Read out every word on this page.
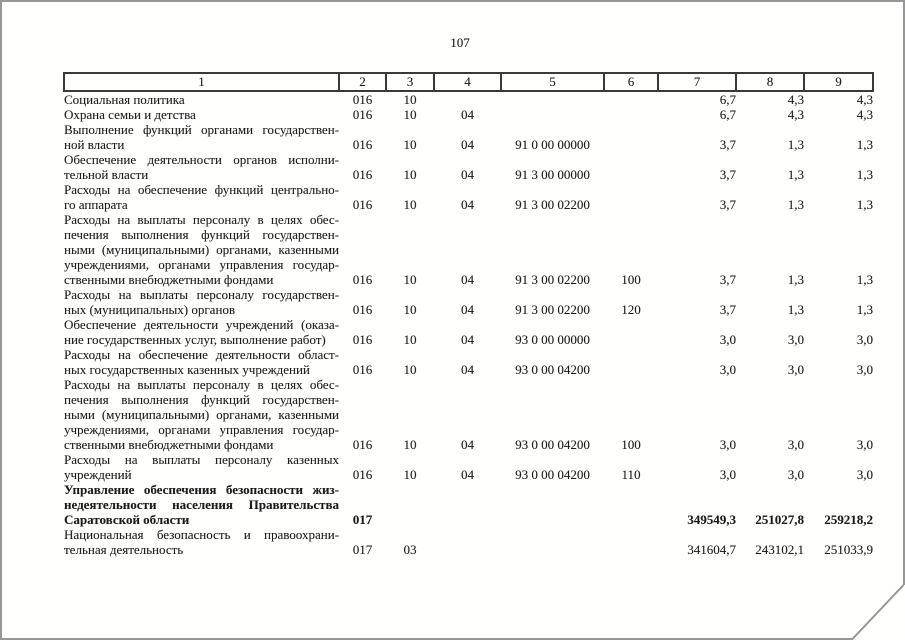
107
1	2	3	4	5	6	7	8	9

Социальная политика	016	10				6,7	4,3	4,3

Охрана семьи и детства	016	10	04			6,7	4,3	4,3

Выполнение функций органами государствен-
ной власти	016	10	04	91 0 00 00000		3,7	1,3	1,3

Обеспечение деятельности органов исполни-
тельной власти	016	10	04	91 3 00 00000		3,7	1,3	1,3

Расходы на обеспечение функций центрально-
го аппарата	016	10	04	91 3 00 02200		3,7	1,3	1,3

Расходы на выплаты персоналу в целях обес-
печения выполнения функций государствен-
ными (муниципальными) органами, казенными
учреждениями, органами управления государ-
ственными внебюджетными фондами	016	10	04	91 3 00 02200	100	3,7	1,3	1,3

Расходы на выплаты персоналу государствен-
ных (муниципальных) органов	016	10	04	91 3 00 02200	120	3,7	1,3	1,3

Обеспечение деятельности учреждений (оказа-
ние государственных услуг, выполнение работ)	016	10	04	93 0 00 00000		3,0	3,0	3,0

Расходы на обеспечение деятельности област-
ных государственных казенных учреждений	016	10	04	93 0 00 04200		3,0	3,0	3,0

Расходы на выплаты персоналу в целях обес-
печения выполнения функций государствен-
ными (муниципальными) органами, казенными
учреждениями, органами управления государ-
ственными внебюджетными фондами	016	10	04	93 0 00 04200	100	3,0	3,0	3,0

Расходы на выплаты персоналу казенных
учреждений	016	10	04	93 0 00 04200	110	3,0	3,0	3,0

Управление обеспечения безопасности жиз-
недеятельности населения Правительства
Саратовской области	017					349549,3	251027,8	259218,2

Национальная безопасность и правоохрани-
тельная деятельность	017	03				341604,7	243102,1	251033,9
